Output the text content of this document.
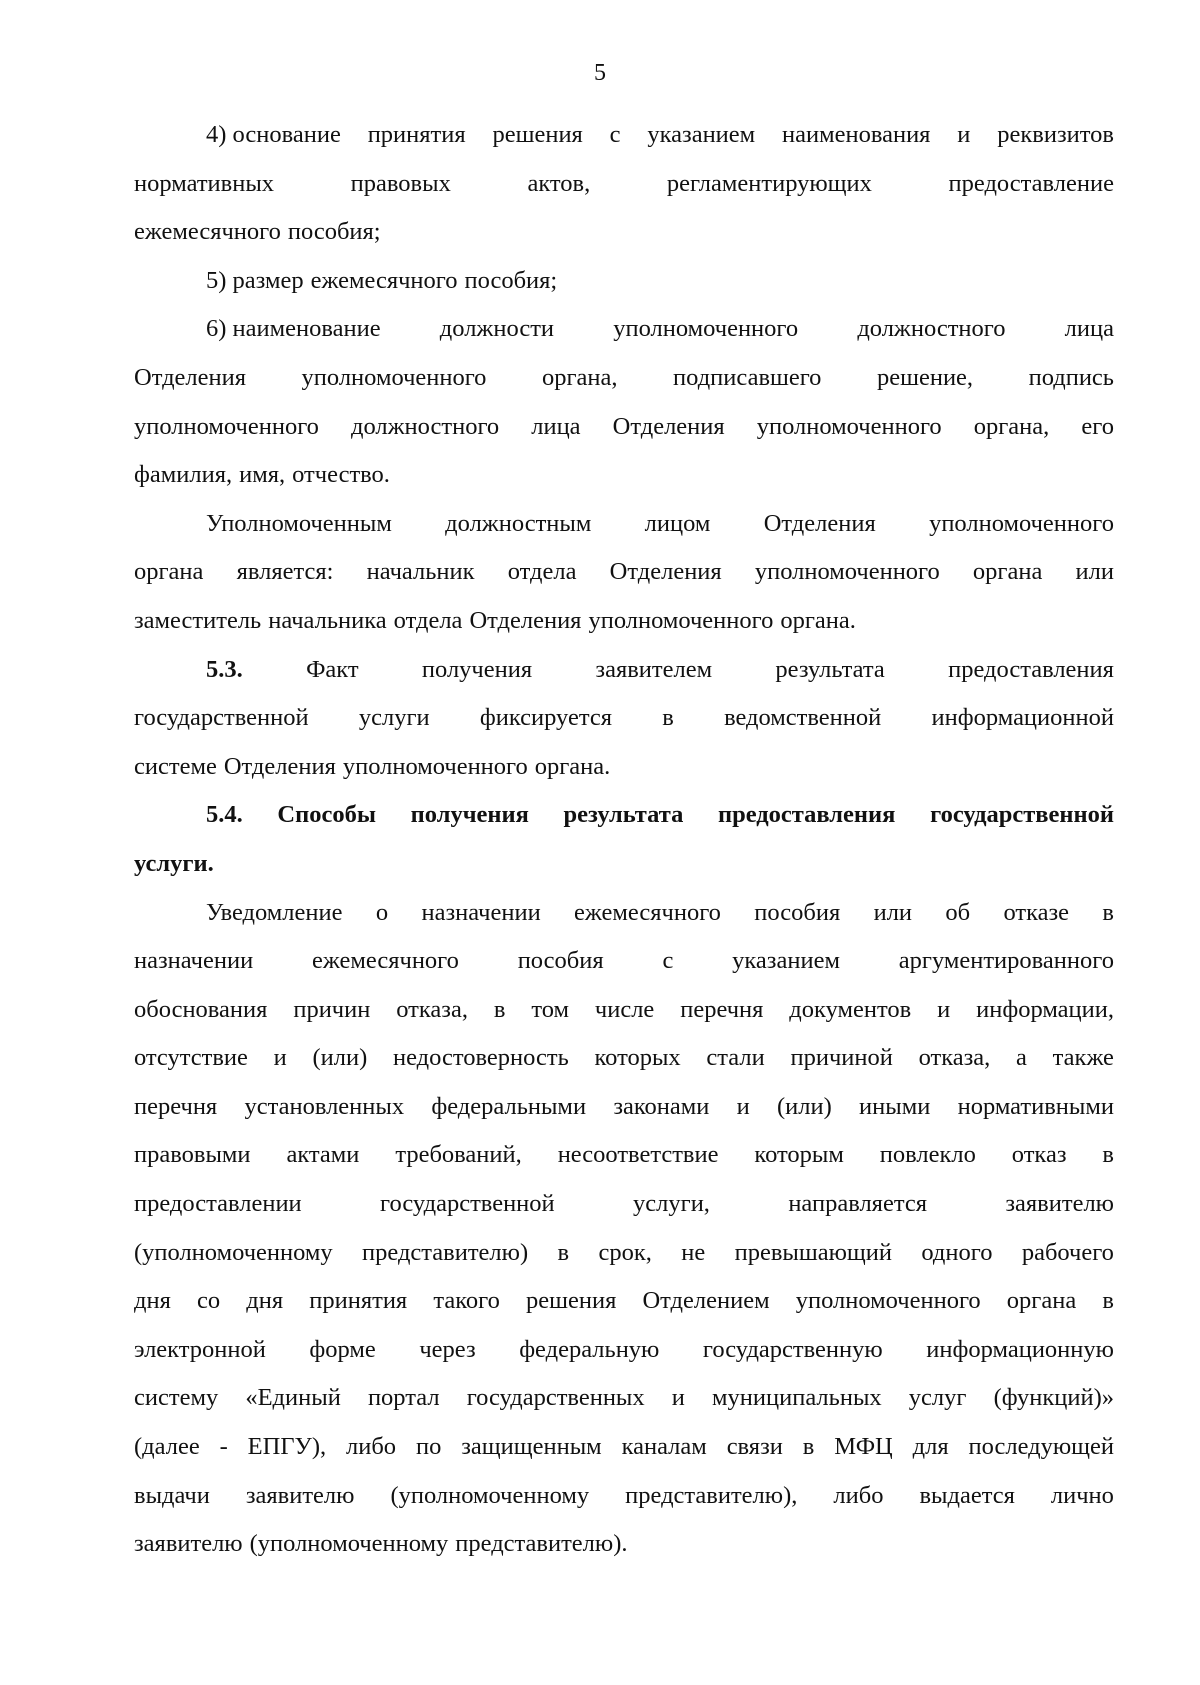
5
4) основание принятия решения с указанием наименования и реквизитов
нормативных	правовых	актов,	регламентирующих	предоставление
ежемесячного пособия;
5) размер ежемесячного пособия;
6) наименование должности уполномоченного должностного лица
Отделения уполномоченного органа, подписавшего решение, подпись
уполномоченного должностного лица Отделения уполномоченного органа, его
фамилия, имя, отчество.
Уполномоченным должностным лицом Отделения уполномоченного
органа является: начальник отдела Отделения уполномоченного органа или
заместитель начальника отдела Отделения уполномоченного органа.
5.3.	Факт	получения	заявителем	результата	предоставления
государственной услуги фиксируется в ведомственной информационной
системе Отделения уполномоченного органа.
5.4. Способы получения результата предоставления государственной
услуги.
Уведомление о назначении ежемесячного пособия или об отказе в
назначении ежемесячного пособия с указанием аргументированного
обоснования причин отказа, в том числе перечня документов и информации,
отсутствие и (или) недостоверность которых стали причиной отказа, а также
перечня установленных федеральными законами и (или) иными нормативными
правовыми актами требований, несоответствие которым повлекло отказ в
предоставлении	государственной	услуги,	направляется	заявителю
(уполномоченному представителю) в срок, не превышающий одного рабочего
дня со дня принятия такого решения Отделением уполномоченного органа в
электронной форме через федеральную государственную информационную
систему «Единый портал государственных и муниципальных услуг (функций)»
(далее - ЕПГУ), либо по защищенным каналам связи в МФЦ для последующей
выдачи заявителю (уполномоченному представителю), либо выдается лично
заявителю (уполномоченному представителю).
